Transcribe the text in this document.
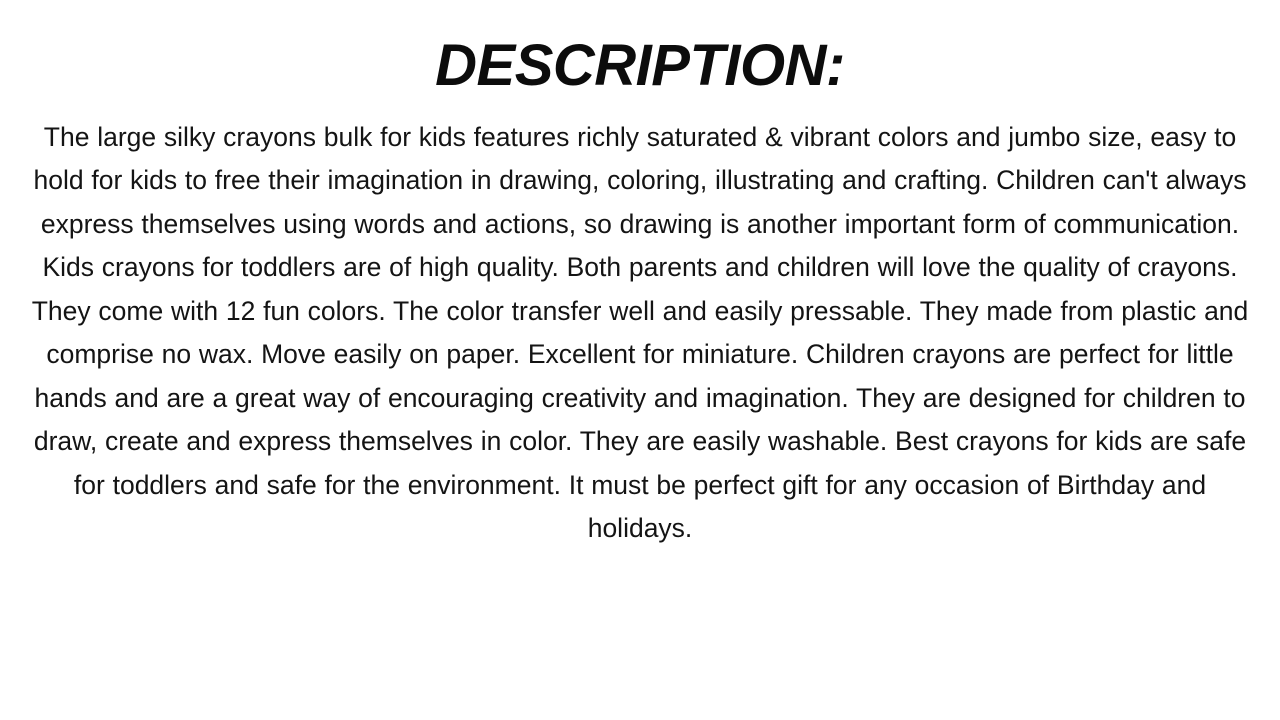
DESCRIPTION:

The large silky crayons bulk for kids features richly saturated & vibrant colors and jumbo size, easy to hold for kids to free their imagination in drawing, coloring, illustrating and crafting. Children can't always express themselves using words and actions, so drawing is another important form of communication. Kids crayons for toddlers are of high quality. Both parents and children will love the quality of crayons. They come with 12 fun colors. The color transfer well and easily pressable. They made from plastic and comprise no wax. Move easily on paper. Excellent for miniature. Children crayons are perfect for little hands and are a great way of encouraging creativity and imagination. They are designed for children to draw, create and express themselves in color. They are easily washable. Best crayons for kids are safe for toddlers and safe for the environment. It must be perfect gift for any occasion of Birthday and holidays.
